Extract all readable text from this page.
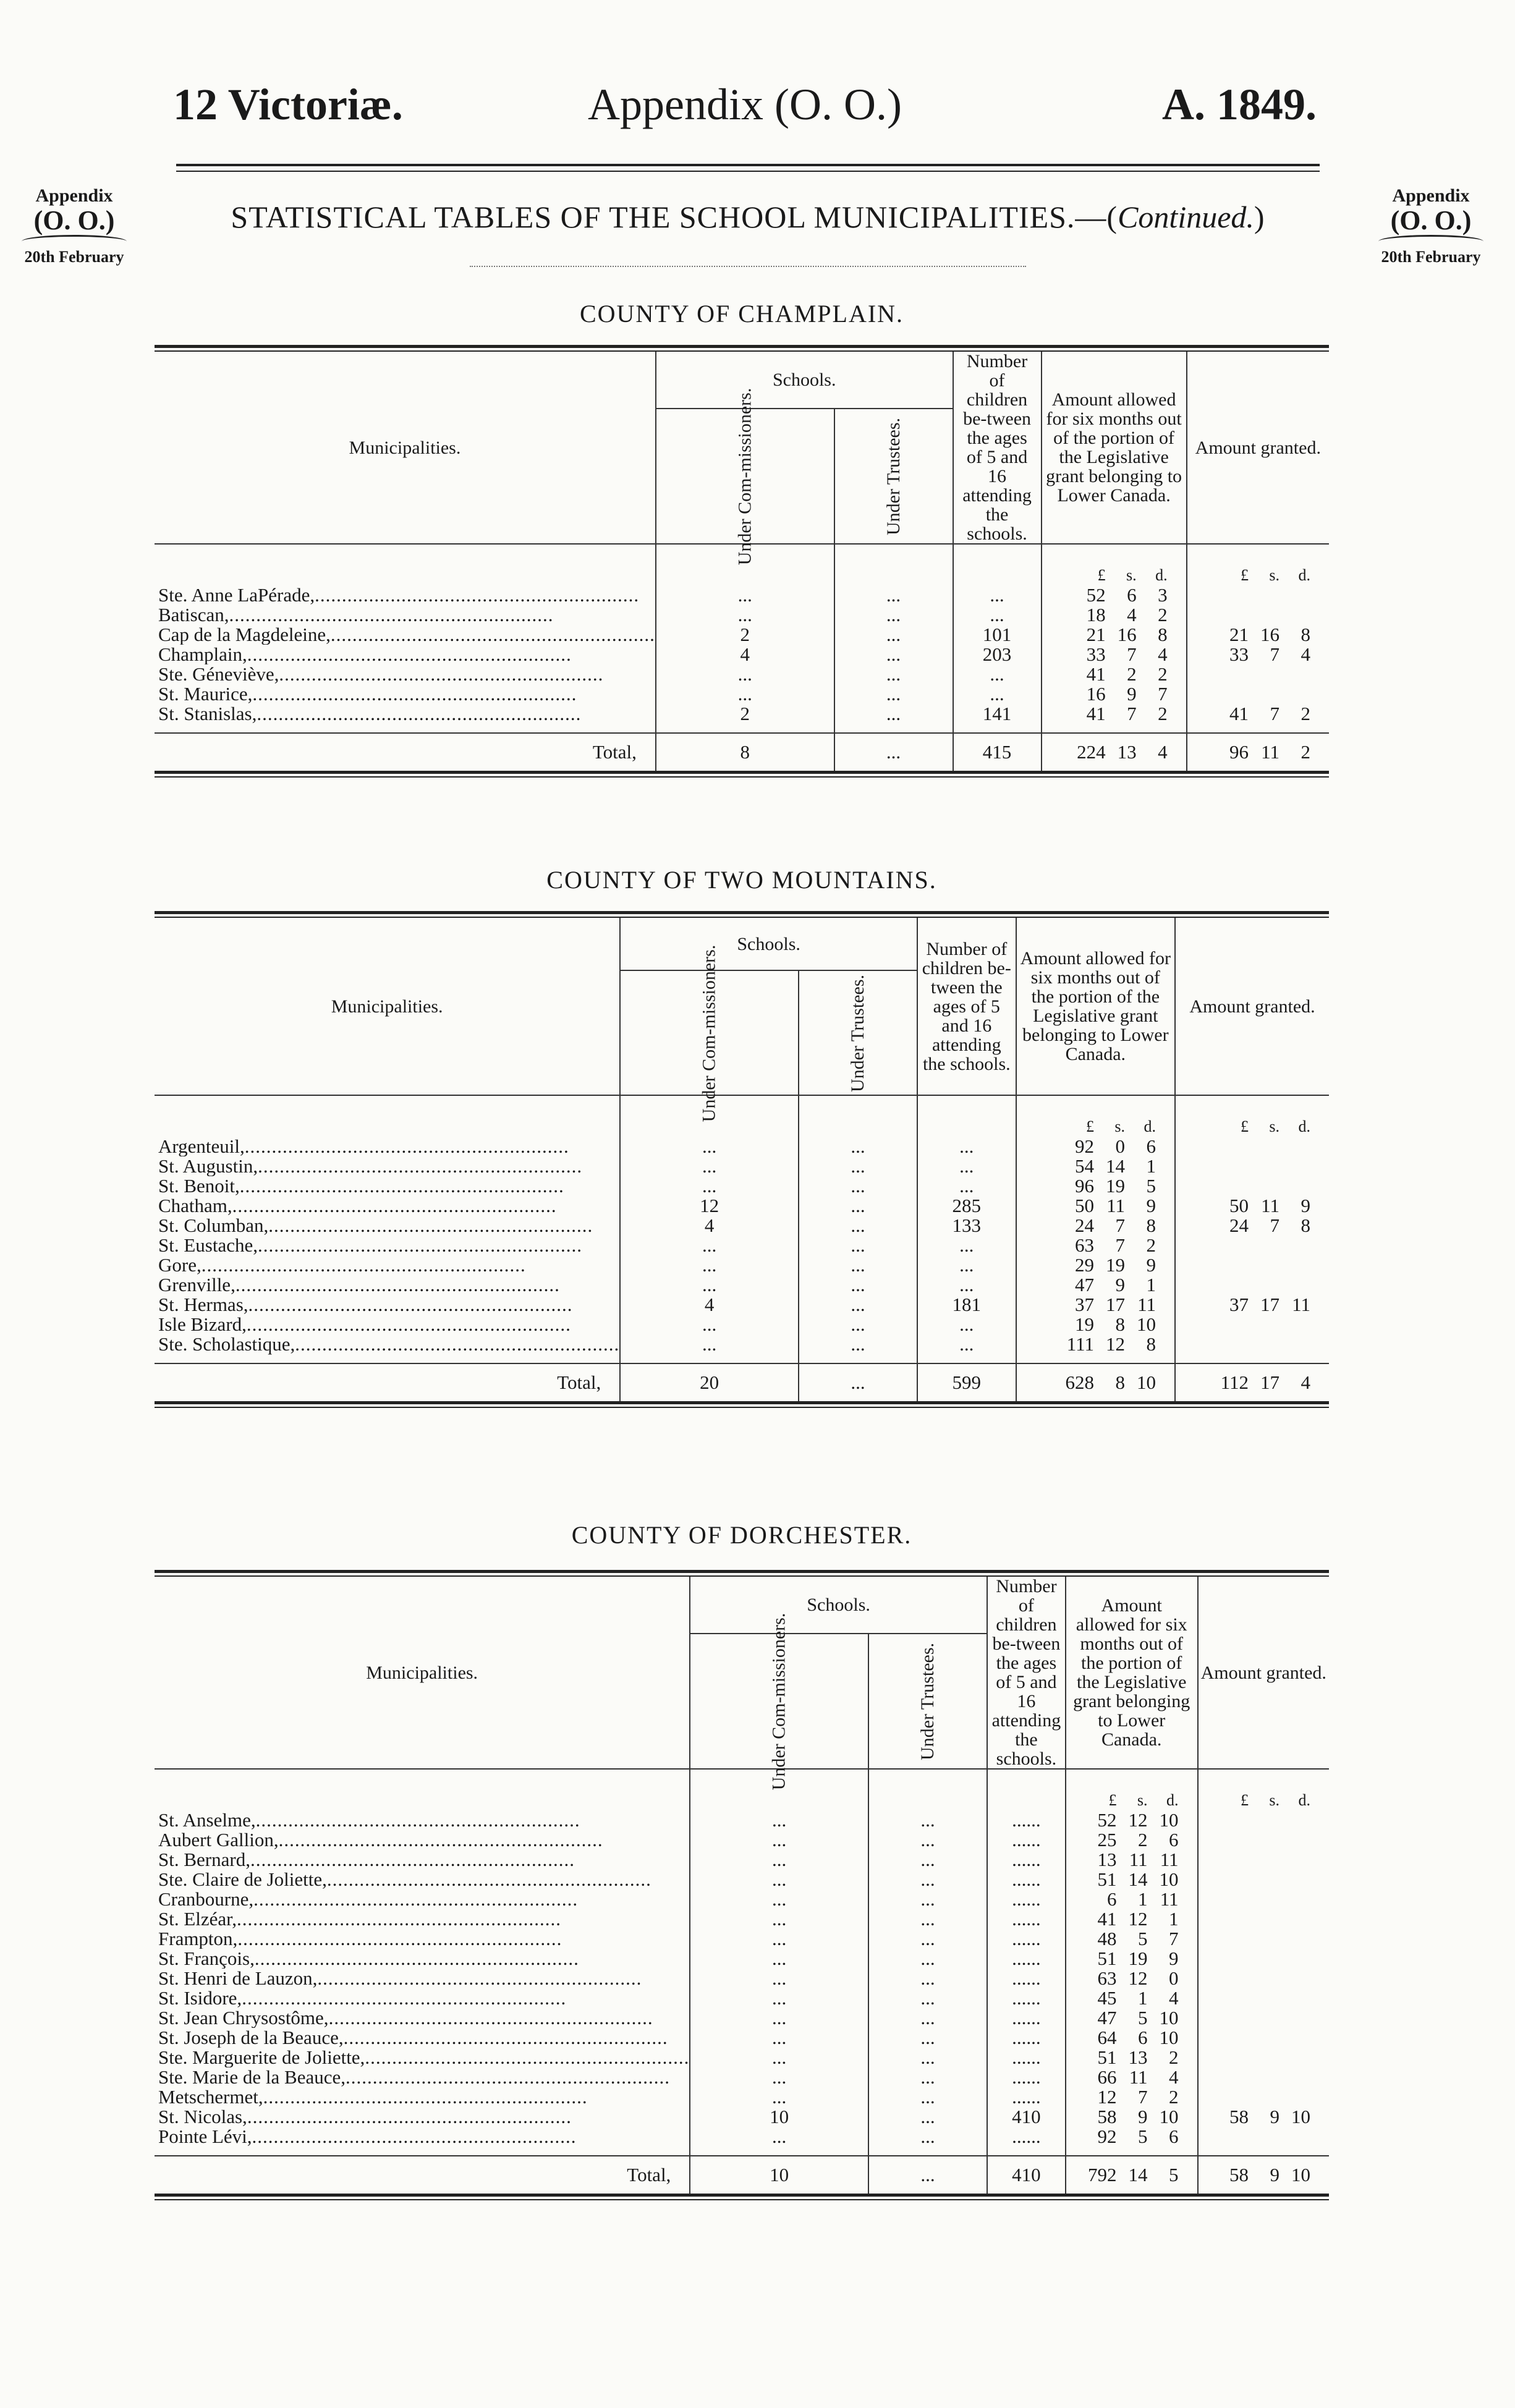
12 Victoriæ.	Appendix (O. O.)	A. 1849.
Appendix
(O. O.)
20th February
Appendix
(O. O.)
20th February
STATISTICAL TABLES OF THE SCHOOL MUNICIPALITIES.—(Continued.)
COUNTY OF CHAMPLAIN.
COUNTY OF TWO MOUNTAINS.
COUNTY OF DORCHESTER.
Municipalities.	Schools.		Number of children be-tween the ages of 5 and 16 attending the schools.	Amount allowed for six months out of the portion of the Legislative grant belonging to Lower Canada.	Amount granted.
	Under Com-missioners.	Under Trustees.			
				£ s. d.	£ s. d.
Ste. Anne LaPérade,............................................................	...	...	...	52 6 3	
Batiscan,............................................................	...	...	...	18 4 2	
Cap de la Magdeleine,............................................................	2	...	101	21 16 8	21 16 8
Champlain,............................................................	4	...	203	33 7 4	33 7 4
Ste. Géneviève,............................................................	...	...	...	41 2 2	
St. Maurice,............................................................	...	...	...	16 9 7	
St. Stanislas,............................................................	2	...	141	41 7 2	41 7 2
Total,	8	...	415	224 13 4	96 11 2
Municipalities.	Schools.		Number of children be-tween the ages of 5 and 16 attending the schools.	Amount allowed for six months out of the portion of the Legislative grant belonging to Lower Canada.	Amount granted.
	Under Com-missioners.	Under Trustees.			
				£ s. d.	£ s. d.
Argenteuil,............................................................	...	...	...	92 0 6	
St. Augustin,............................................................	...	...	...	54 14 1	
St. Benoit,............................................................	...	...	...	96 19 5	
Chatham,............................................................	12	...	285	50 11 9	50 11 9
St. Columban,............................................................	4	...	133	24 7 8	24 7 8
St. Eustache,............................................................	...	...	...	63 7 2	
Gore,............................................................	...	...	...	29 19 9	
Grenville,............................................................	...	...	...	47 9 1	
St. Hermas,............................................................	4	...	181	37 17 11	37 17 11
Isle Bizard,............................................................	...	...	...	19 8 10	
Ste. Scholastique,............................................................	...	...	...	111 12 8	
Total,	20	...	599	628 8 10	112 17 4
Municipalities.	Schools.		Number of children be-tween the ages of 5 and 16 attending the schools.	Amount allowed for six months out of the portion of the Legislative grant belonging to Lower Canada.	Amount granted.
	Under Com-missioners.	Under Trustees.			
				£ s. d.	£ s. d.
St. Anselme,............................................................	...	...	......	52 12 10	
Aubert Gallion,............................................................	...	...	......	25 2 6	
St. Bernard,............................................................	...	...	......	13 11 11	
Ste. Claire de Joliette,............................................................	...	...	......	51 14 10	
Cranbourne,............................................................	...	...	......	6 1 11	
St. Elzéar,............................................................	...	...	......	41 12 1	
Frampton,............................................................	...	...	......	48 5 7	
St. François,............................................................	...	...	......	51 19 9	
St. Henri de Lauzon,............................................................	...	...	......	63 12 0	
St. Isidore,............................................................	...	...	......	45 1 4	
St. Jean Chrysostôme,............................................................	...	...	......	47 5 10	
St. Joseph de la Beauce,............................................................	...	...	......	64 6 10	
Ste. Marguerite de Joliette,............................................................	...	...	......	51 13 2	
Ste. Marie de la Beauce,............................................................	...	...	......	66 11 4	
Metschermet,............................................................	...	...	......	12 7 2	
St. Nicolas,............................................................	10	...	410	58 9 10	58 9 10
Pointe Lévi,............................................................	...	...	......	92 5 6	
Total,	10	...	410	792 14 5	58 9 10
